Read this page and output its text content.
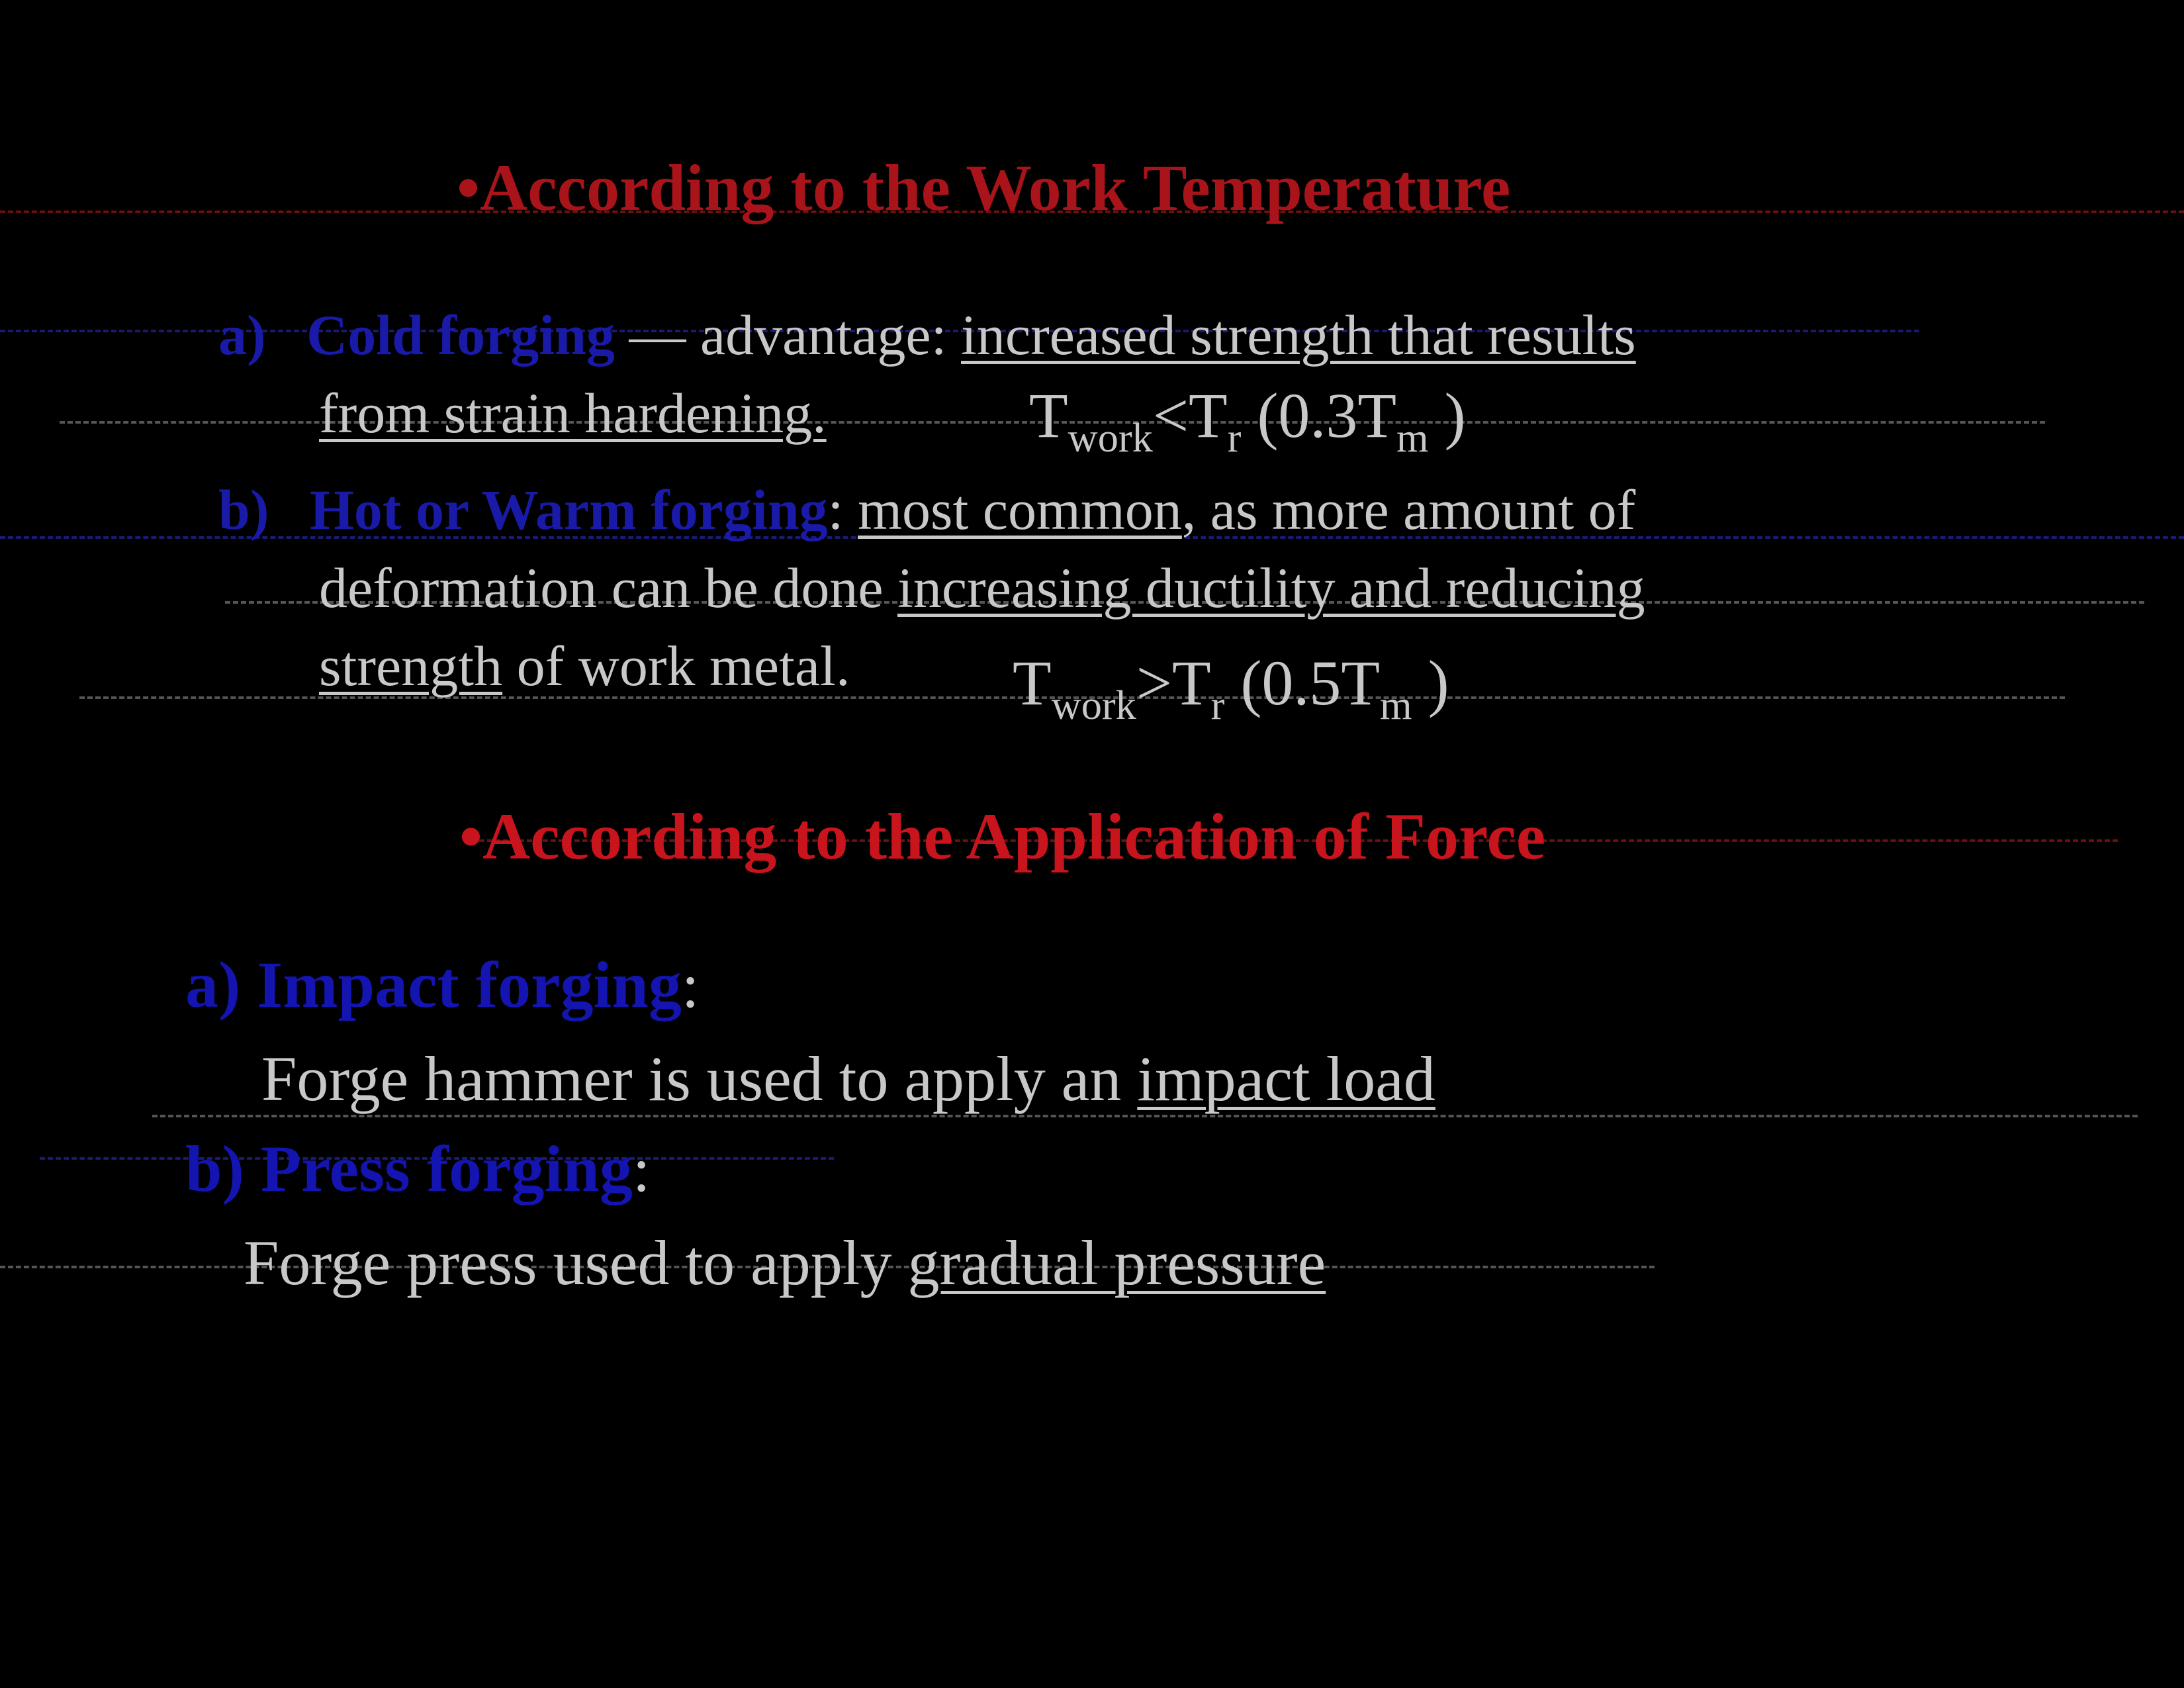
•According to the Work Temperature
a) Cold forging — advantage: increased strength that results
from strain hardening.	$T_{work}<T_r$ ($0.3T_m$ )
b) Hot or Warm forging: most common, as more amount of
deformation can be done increasing ductility and reducing
strength of work metal.	$T_{work}>T_r$ ($0.5T_m$ )
•According to the Application of Force
a) Impact forging:
Forge hammer is used to apply an impact load
b) Press forging:
Forge press used to apply gradual pressure
